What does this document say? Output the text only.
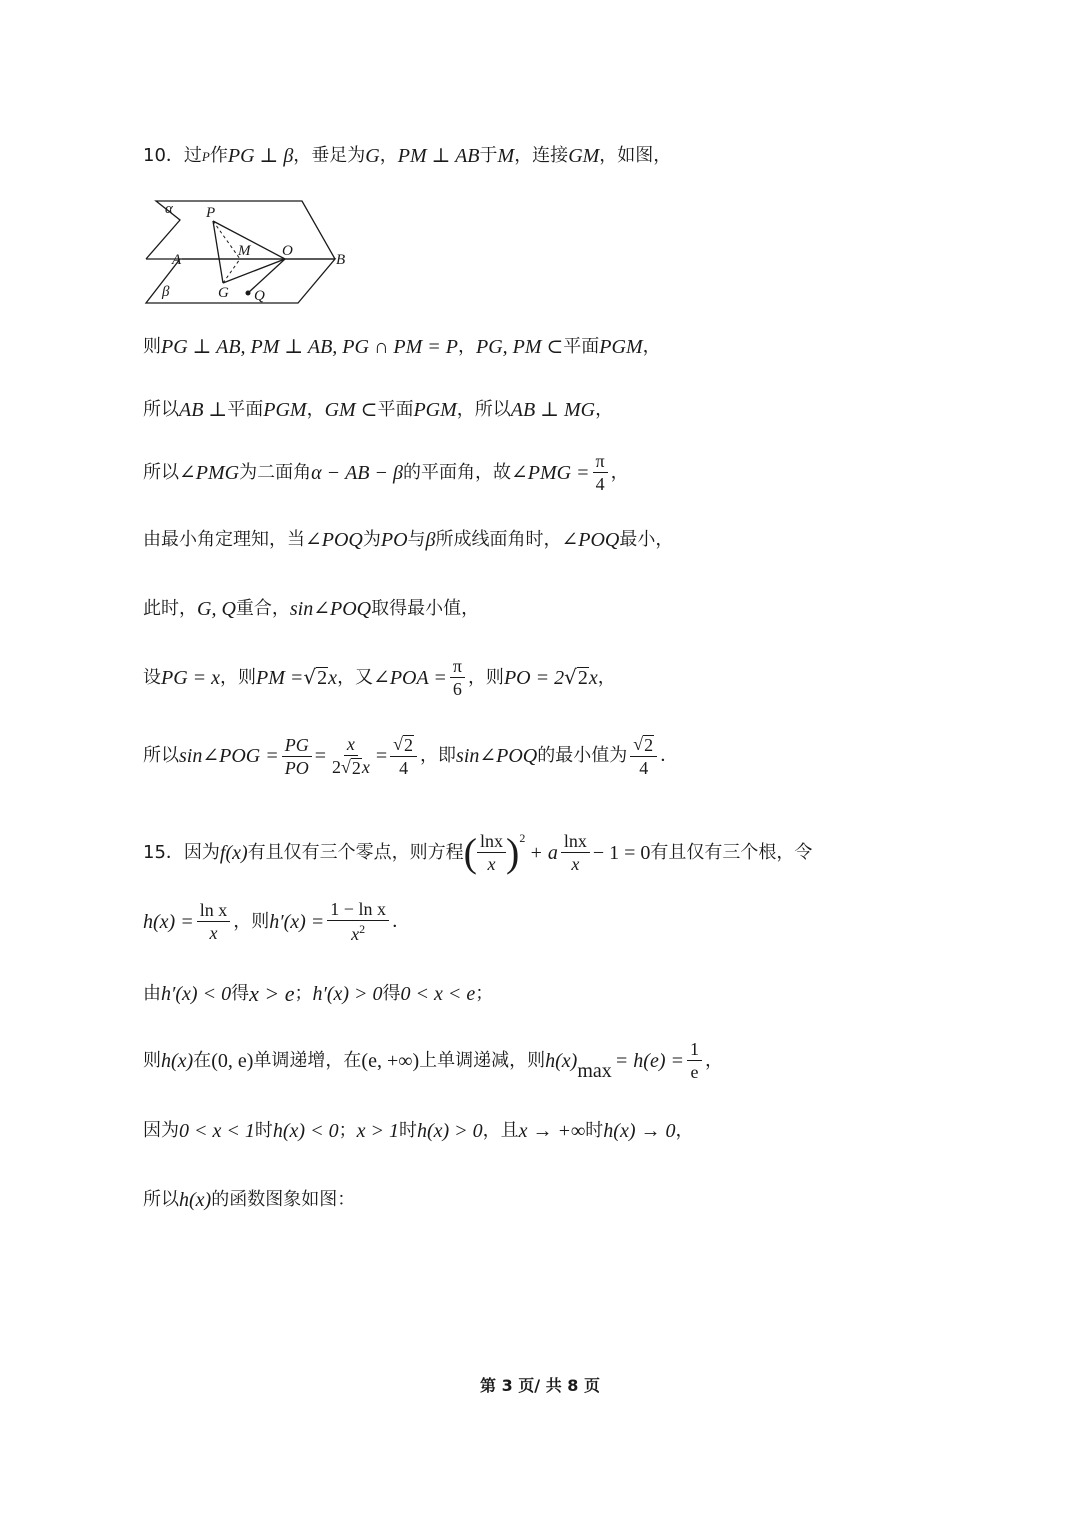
10．过 P 作 PG ⊥ β ，垂足为 G ， PM ⊥ AB 于 M ，连接 GM ，如图，
α P
M O
A	B
β	G Q
则 PG ⊥ AB, PM ⊥ AB, PG ∩ PM = P ， PG, PM ⊂ 平面 PGM ，
所以 AB ⊥ 平面 PGM ， GM ⊂ 平面 PGM ，所以 AB ⊥ MG ，
所以 ∠PMG 为二面角 α − AB − β 的平面角，故 ∠PMG = $\frac{\pi}{4}$ ，
由最小角定理知，当 ∠POQ 为 PO 与 β 所成线面角时， ∠POQ 最小，
此时， G, Q 重合， sin∠POQ 取得最小值，
设 PG = x ，则 PM = √ 2 x ，又 ∠POA = $\frac{\pi}{6}$ ，则 PO = 2 √ 2 x ，
所以 sin∠POG = $\frac{PG}{PO} = \frac{x}{2 √ 2 x} = \frac{√ 2}{4}$ ，即 sin∠POQ 的最小值为 $\frac{√ 2}{4}$ ．
15．因为 f (x) 有且仅有三个零点，则方程 ( $\frac{\ln x}{x} )^2$
+ a $\frac{\ln x}{x} - 1 = 0$ 有且仅有三个根，令
$h(x) = \frac{\text{ln x}}{x}$ ，则 $h'(x) = \frac{\text{1 − ln x}}{x^2}$ ．
由 h′(x) < 0 得 x > e ； h′(x) > 0 得 0 < x < e ；
则 h(x) 在 (0, e) 单调递增，在 (e, +∞) 上单调递减，则 h(x) $\max = h(e) = \frac{1}{e}$ ，
因为 0 < x < 1 时 h(x) < 0 ； x > 1 时 h(x) > 0 ，且 x → +∞ 时 h(x) → 0 ，
所以 h(x) 的函数图象如图：
第 3 页/ 共 8 页
